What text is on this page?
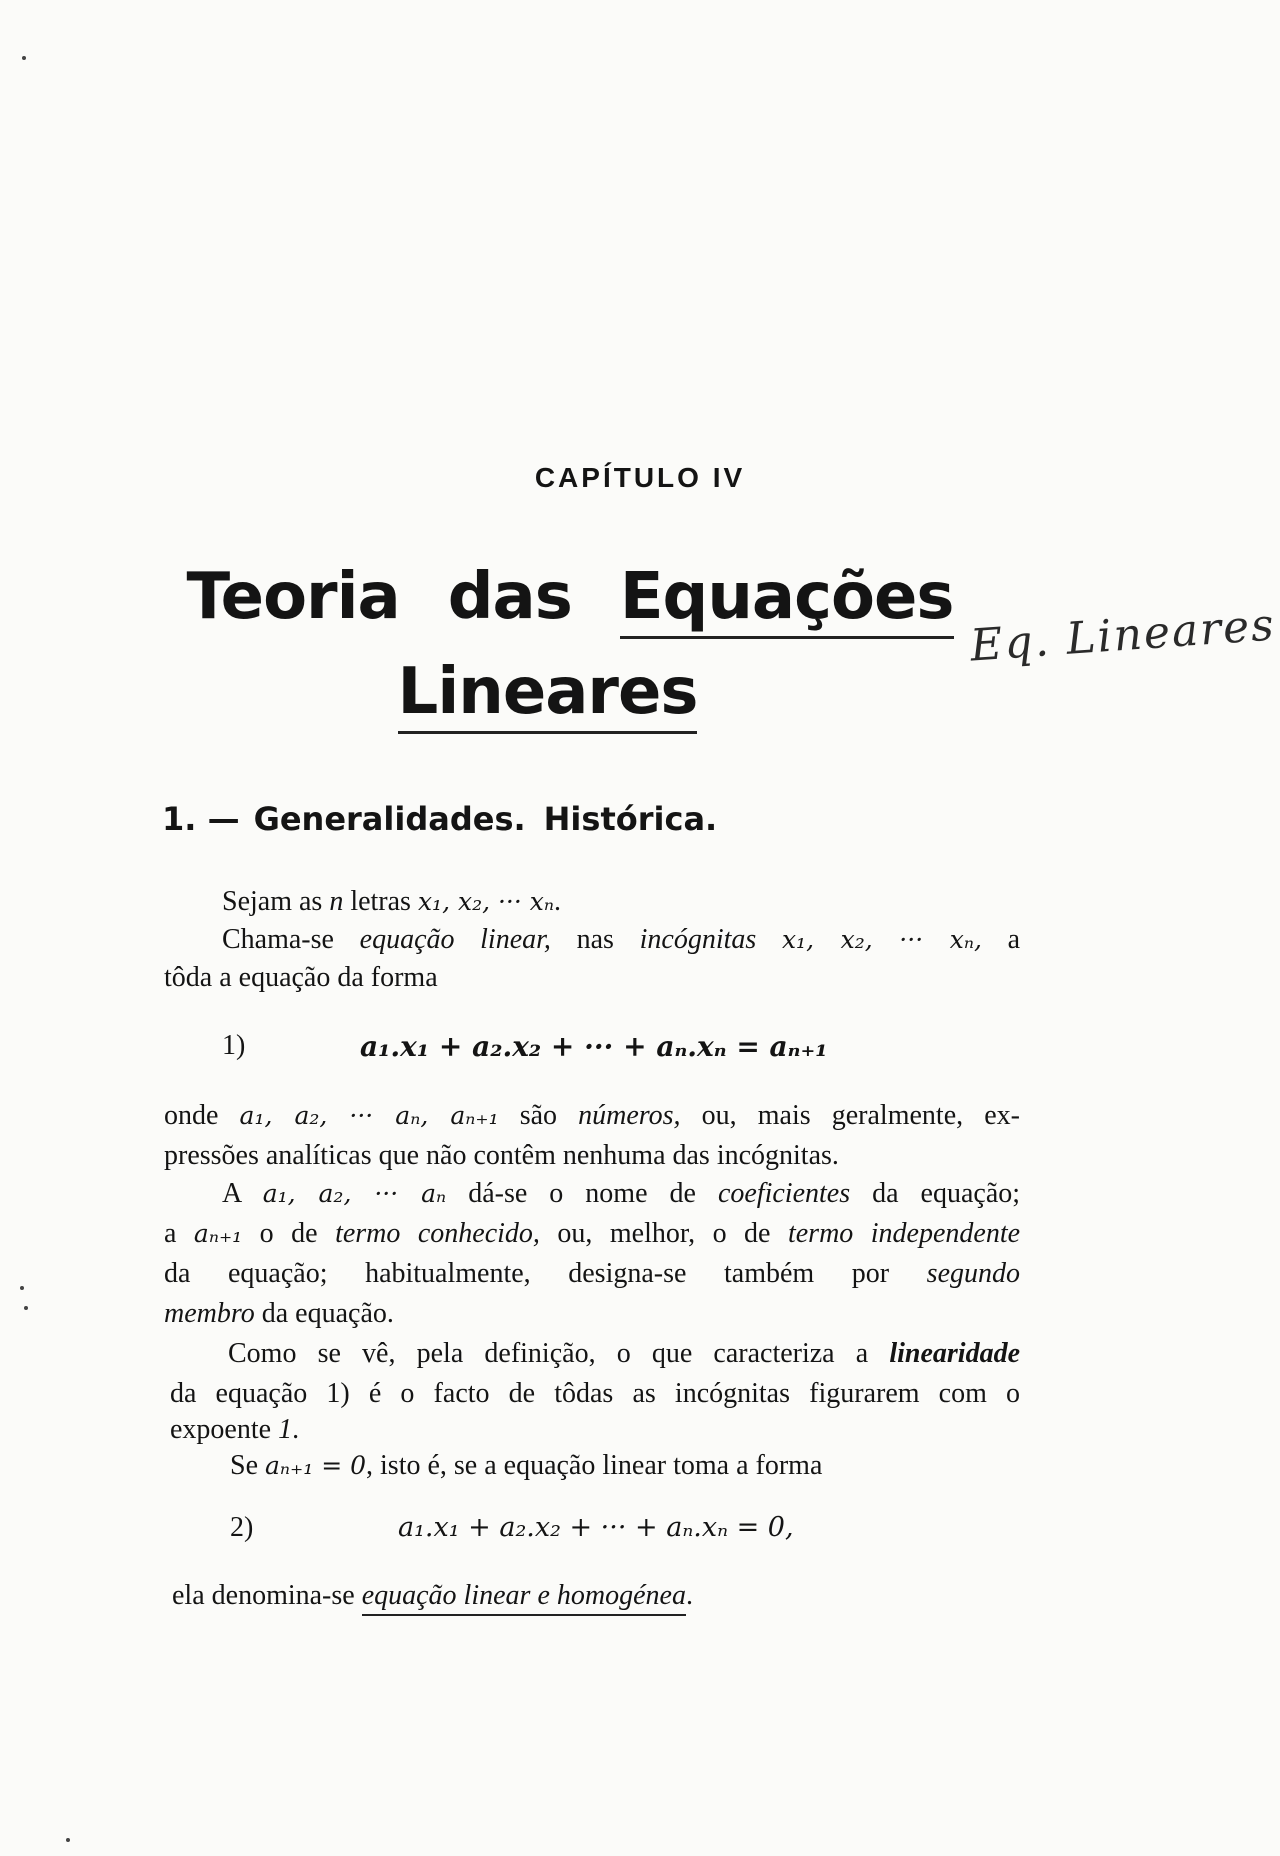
CAPÍTULO IV
Teoria das Equações
Lineares
Eq. Lineares
1. — Generalidades. Histórica.
Sejam as n letras x₁, x₂, ··· xₙ.
Chama-se equação linear, nas incógnitas x₁, x₂, ··· xₙ, a
tôda a equação da forma
1)	a₁.x₁ + a₂.x₂ + ··· + aₙ.xₙ = aₙ₊₁
onde a₁, a₂, ··· aₙ, aₙ₊₁ são números, ou, mais geralmente, ex-
pressões analíticas que não contêm nenhuma das incógnitas.
A a₁, a₂, ··· aₙ dá-se o nome de coeficientes da equação;
a aₙ₊₁ o de termo conhecido, ou, melhor, o de termo independente
da equação; habitualmente, designa-se também por segundo
membro da equação.
Como se vê, pela definição, o que caracteriza a linearidade
da equação 1) é o facto de tôdas as incógnitas figurarem com o
expoente 1.
Se aₙ₊₁ = 0, isto é, se a equação linear toma a forma
2)	a₁.x₁ + a₂.x₂ + ··· + aₙ.xₙ = 0,
ela denomina-se equação linear e homogénea.
